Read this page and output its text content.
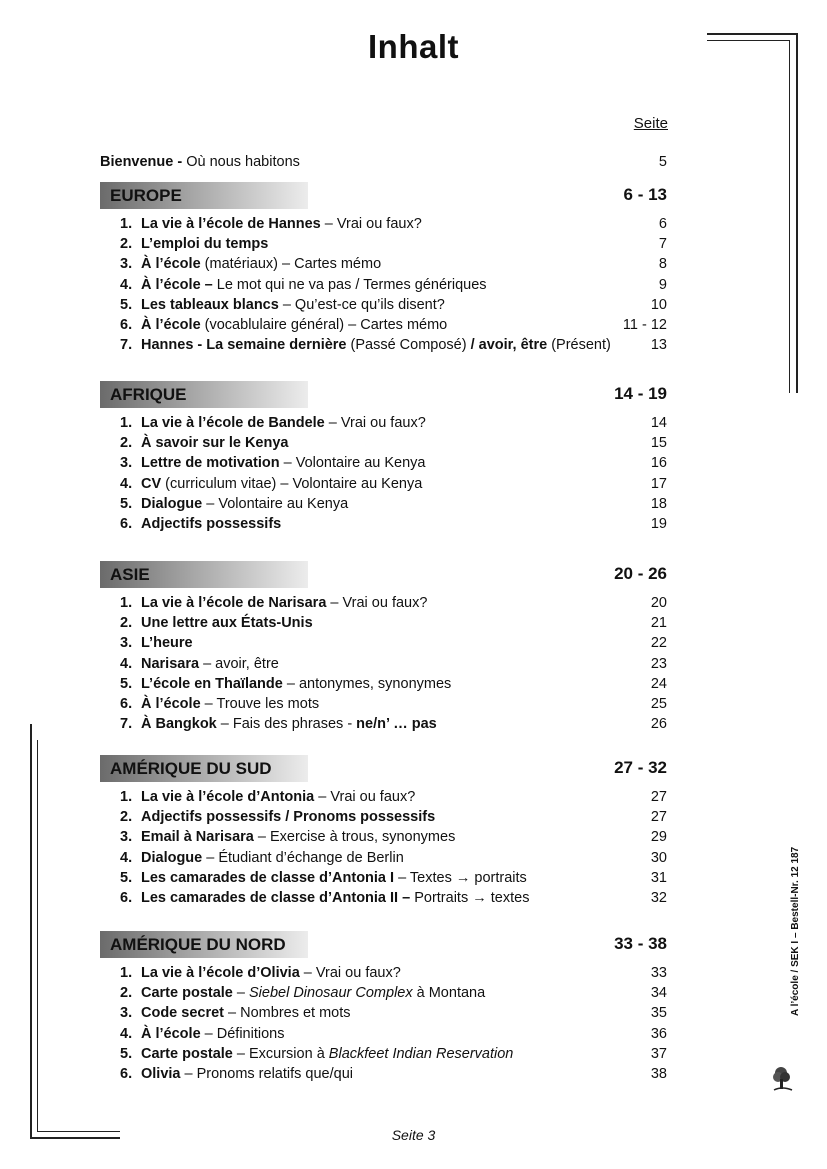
Inhalt
Seite
Bienvenue - Où nous habitons	5
EUROPE	6 - 13
1. La vie à l’école de Hannes – Vrai ou faux?	6
2. L’emploi du temps	7
3. À l’école (matériaux) – Cartes mémo	8
4. À l’école – Le mot qui ne va pas / Termes génériques	9
5. Les tableaux blancs – Qu’est-ce qu’ils disent?	10
6. À l’école (vocablulaire général) – Cartes mémo	11 - 12
7. Hannes - La semaine dernière (Passé Composé) / avoir, être (Présent)	13
AFRIQUE	14 - 19
1. La vie à l’école de Bandele – Vrai ou faux?	14
2. À savoir sur le Kenya	15
3. Lettre de motivation – Volontaire au Kenya	16
4. CV (curriculum vitae) – Volontaire au Kenya	17
5. Dialogue – Volontaire au Kenya	18
6. Adjectifs possessifs	19
ASIE	20 - 26
1. La vie à l’école de Narisara – Vrai ou faux?	20
2. Une lettre aux États-Unis	21
3. L’heure	22
4. Narisara – avoir, être	23
5. L’école en Thaïlande – antonymes, synonymes	24
6. À l’école – Trouve les mots	25
7. À Bangkok – Fais des phrases - ne/n’ … pas	26
AMÉRIQUE DU SUD	27 - 32
1. La vie à l’école d’Antonia – Vrai ou faux?	27
2. Adjectifs possessifs / Pronoms possessifs	27
3. Email à Narisara – Exercise à trous, synonymes	29
4. Dialogue – Étudiant d’échange de Berlin	30
5. Les camarades de classe d’Antonia I – Textes → portraits	31
6. Les camarades de classe d’Antonia II – Portraits → textes	32
AMÉRIQUE DU NORD	33 - 38
1. La vie à l’école d’Olivia – Vrai ou faux?	33
2. Carte postale – Siebel Dinosaur Complex à Montana	34
3. Code secret – Nombres et mots	35
4. À l’école – Définitions	36
5. Carte postale – Excursion à Blackfeet Indian Reservation	37
6. Olivia – Pronoms relatifs que/qui	38
Seite 3
A l’école / SEK I – Bestell-Nr. 12 187
